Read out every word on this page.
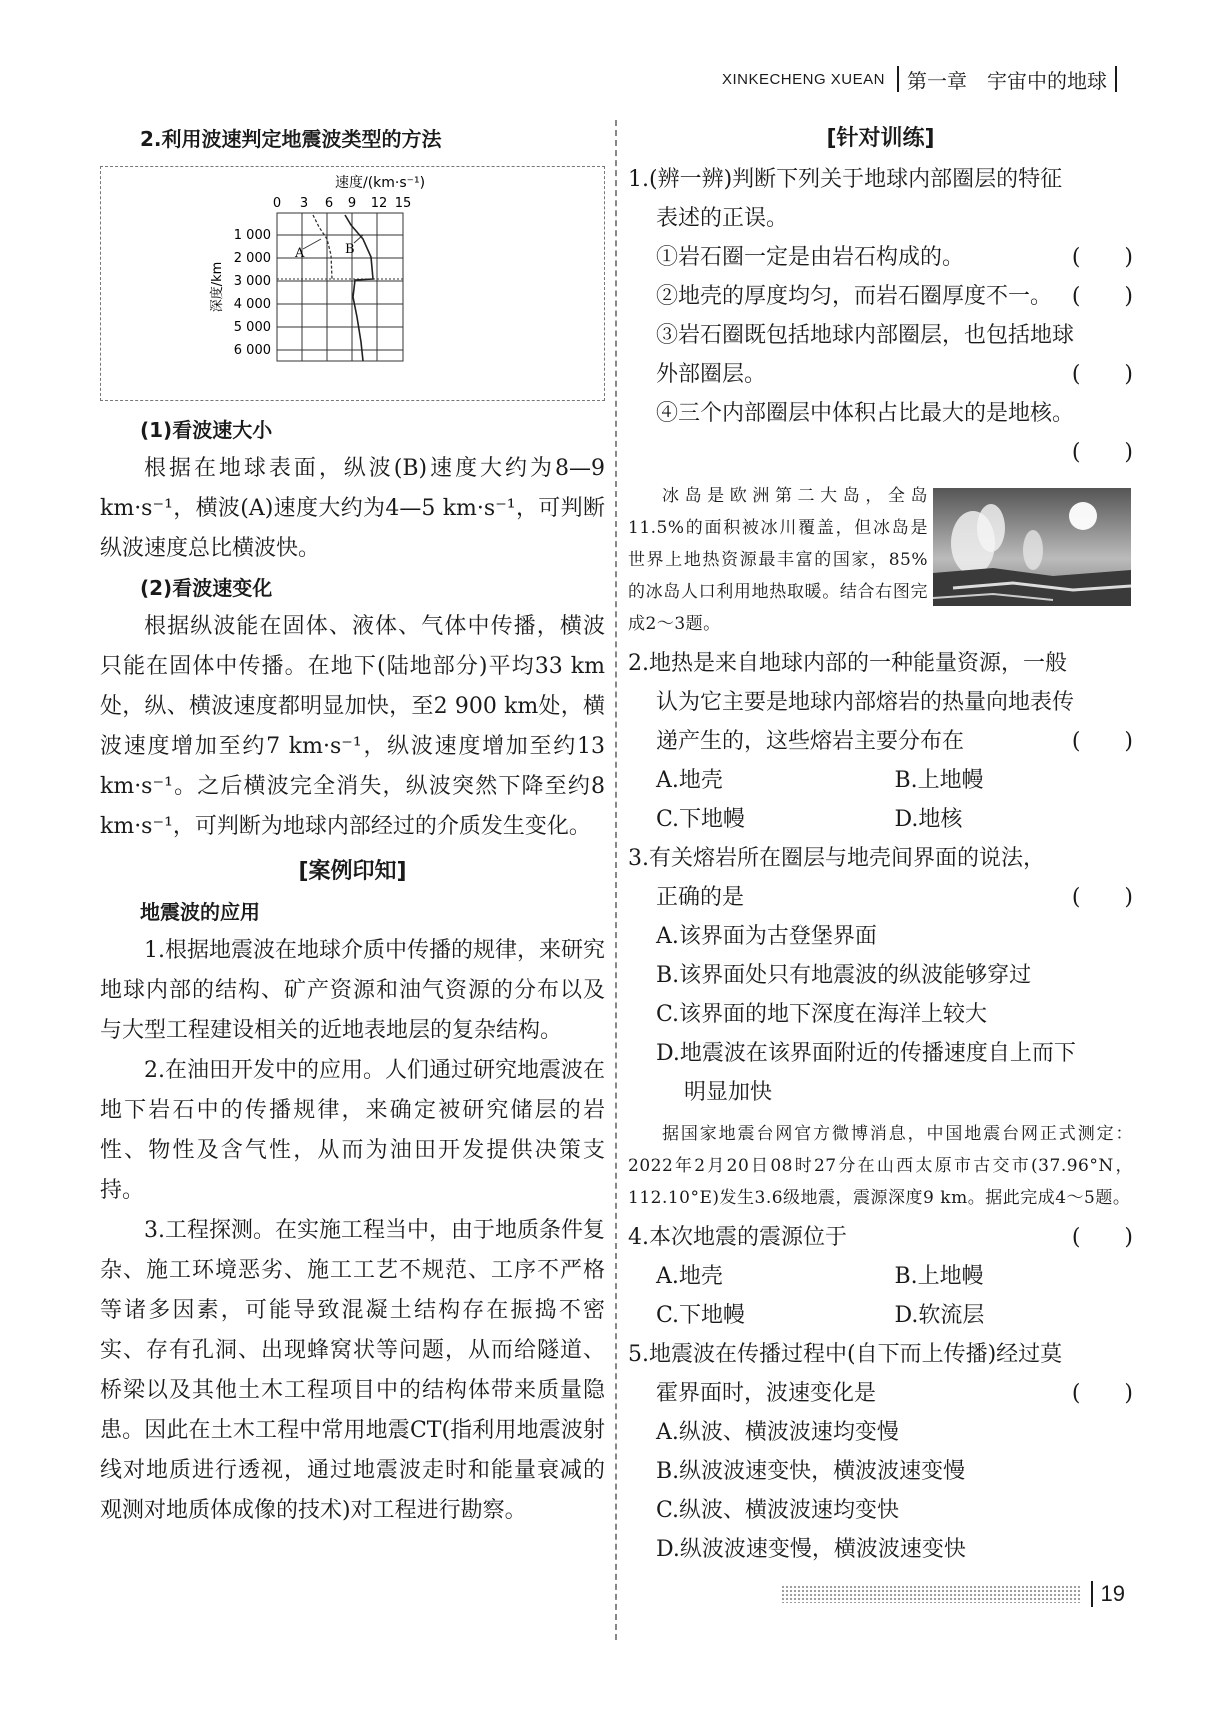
XINKECHENG XUEAN 第一章　宇宙中的地球

2.利用波速判定地震波类型的方法

速度/(km·s⁻¹)
0 3 6 9 12 15
1 000
2 000
3 000
4 000
5 000
6 000
深度/km
A	B

(1)看波速大小

根据在地球表面，纵波(B)速度大约为8—9 km·s⁻¹，横波(A)速度大约为4—5 km·s⁻¹，可判断纵波速度总比横波快。

(2)看波速变化

根据纵波能在固体、液体、气体中传播，横波只能在固体中传播。在地下(陆地部分)平均33 km处，纵、横波速度都明显加快，至2 900 km处，横波速度增加至约7 km·s⁻¹，纵波速度增加至约13 km·s⁻¹。之后横波完全消失，纵波突然下降至约8 km·s⁻¹，可判断为地球内部经过的介质发生变化。

[案例印知]

地震波的应用

1.根据地震波在地球介质中传播的规律，来研究地球内部的结构、矿产资源和油气资源的分布以及与大型工程建设相关的近地表地层的复杂结构。

2.在油田开发中的应用。人们通过研究地震波在地下岩石中的传播规律，来确定被研究储层的岩性、物性及含气性，从而为油田开发提供决策支持。

3.工程探测。在实施工程当中，由于地质条件复杂、施工环境恶劣、施工工艺不规范、工序不严格等诸多因素，可能导致混凝土结构存在振捣不密实、存有孔洞、出现蜂窝状等问题，从而给隧道、桥梁以及其他土木工程项目中的结构体带来质量隐患。因此在土木工程中常用地震CT(指利用地震波射线对地质进行透视，通过地震波走时和能量衰减的观测对地质体成像的技术)对工程进行勘察。

[针对训练]

1.(辨一辨)判断下列关于地球内部圈层的特征

表述的正误。

①岩石圈一定是由岩石构成的。	(　　)

②地壳的厚度均匀，而岩石圈厚度不一。 (　　)

③岩石圈既包括地球内部圈层，也包括地球

外部圈层。	(　　)

④三个内部圈层中体积占比最大的是地核。

(　　)

冰岛是欧洲第二大岛，全岛11.5%的面积被冰川覆盖，但冰岛是世界上地热资源最丰富的国家，85%的冰岛人口利用地热取暖。结合右图完成2～3题。

2.地热是来自地球内部的一种能量资源，一般

认为它主要是地球内部熔岩的热量向地表传

递产生的，这些熔岩主要分布在	(　　)

A.地壳	B.上地幔
C.下地幔	D.地核

3.有关熔岩所在圈层与地壳间界面的说法，

正确的是	(　　)

A.该界面为古登堡界面

B.该界面处只有地震波的纵波能够穿过

C.该界面的地下深度在海洋上较大

D.地震波在该界面附近的传播速度自上而下

明显加快

据国家地震台网官方微博消息，中国地震台网正式测定：2022年2月20日08时27分在山西太原市古交市(37.96°N，112.10°E)发生3.6级地震，震源深度9 km。据此完成4～5题。

4.本次地震的震源位于	(　　)

A.地壳	B.上地幔
C.下地幔	D.软流层

5.地震波在传播过程中(自下而上传播)经过莫

霍界面时，波速变化是	(　　)

A.纵波、横波波速均变慢

B.纵波波速变快，横波波速变慢

C.纵波、横波波速均变快

D.纵波波速变慢，横波波速变快

19
